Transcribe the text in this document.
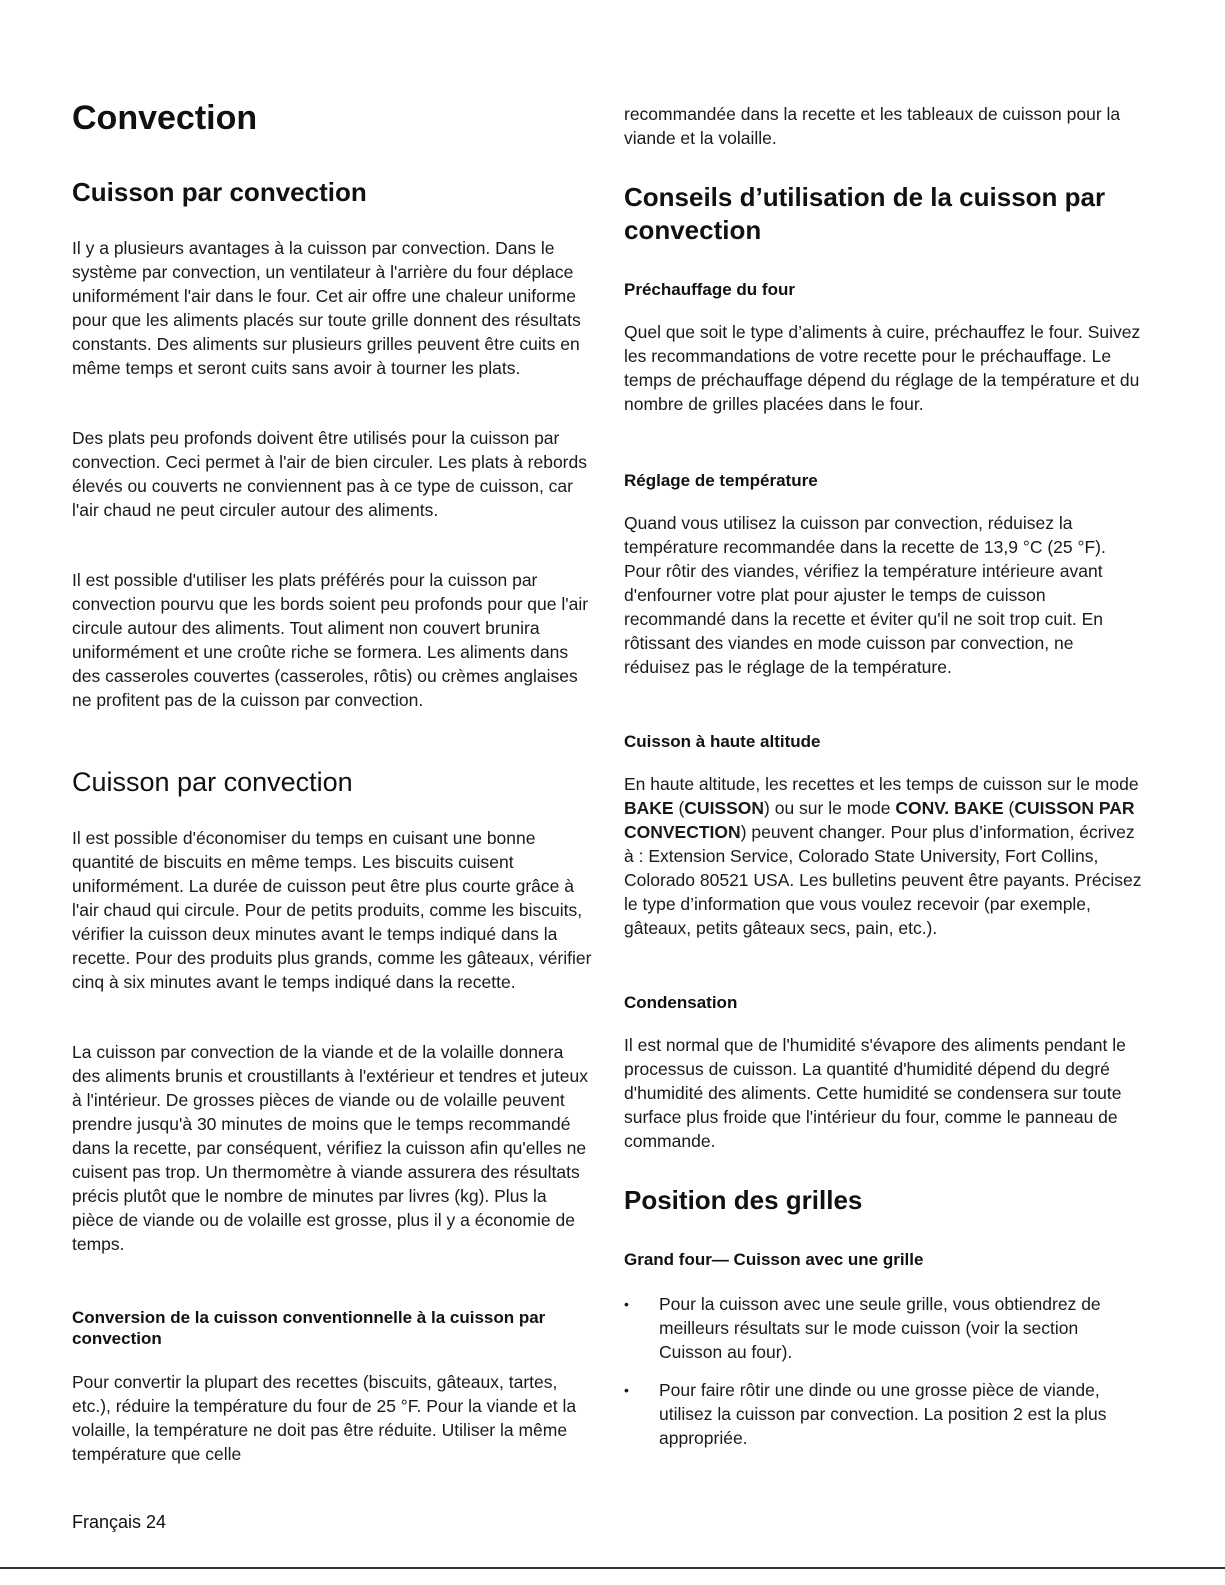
Convection
Cuisson par convection

Il y a plusieurs avantages à la cuisson par convection. Dans le système par convection, un ventilateur à l'arrière du four déplace uniformément l'air dans le four. Cet air offre une chaleur uniforme pour que les aliments placés sur toute grille donnent des résultats constants. Des aliments sur plusieurs grilles peuvent être cuits en même temps et seront cuits sans avoir à tourner les plats.

Des plats peu profonds doivent être utilisés pour la cuisson par convection. Ceci permet à l'air de bien circuler. Les plats à rebords élevés ou couverts ne conviennent pas à ce type de cuisson, car l'air chaud ne peut circuler autour des aliments.

Il est possible d'utiliser les plats préférés pour la cuisson par convection pourvu que les bords soient peu profonds pour que l'air circule autour des aliments. Tout aliment non couvert brunira uniformément et une croûte riche se formera. Les aliments dans des casseroles couvertes (casseroles, rôtis) ou crèmes anglaises ne profitent pas de la cuisson par convection.

Cuisson par convection

Il est possible d'économiser du temps en cuisant une bonne quantité de biscuits en même temps. Les biscuits cuisent uniformément. La durée de cuisson peut être plus courte grâce à l'air chaud qui circule. Pour de petits produits, comme les biscuits, vérifier la cuisson deux minutes avant le temps indiqué dans la recette. Pour des produits plus grands, comme les gâteaux, vérifier cinq à six minutes avant le temps indiqué dans la recette.

La cuisson par convection de la viande et de la volaille donnera des aliments brunis et croustillants à l'extérieur et tendres et juteux à l'intérieur. De grosses pièces de viande ou de volaille peuvent prendre jusqu'à 30 minutes de moins que le temps recommandé dans la recette, par conséquent, vérifiez la cuisson afin qu'elles ne cuisent pas trop. Un thermomètre à viande assurera des résultats précis plutôt que le nombre de minutes par livres (kg). Plus la pièce de viande ou de volaille est grosse, plus il y a économie de temps.

Conversion de la cuisson conventionnelle à la cuisson par convection

Pour convertir la plupart des recettes (biscuits, gâteaux, tartes, etc.), réduire la température du four de 25 °F. Pour la viande et la volaille, la température ne doit pas être réduite. Utiliser la même température que celle

recommandée dans la recette et les tableaux de cuisson pour la viande et la volaille.

Conseils d’utilisation de la cuisson par convection
Préchauffage du four

Quel que soit le type d’aliments à cuire, préchauffez le four. Suivez les recommandations de votre recette pour le préchauffage. Le temps de préchauffage dépend du réglage de la température et du nombre de grilles placées dans le four.

Réglage de température

Quand vous utilisez la cuisson par convection, réduisez la température recommandée dans la recette de 13,9 °C (25 °F). Pour rôtir des viandes, vérifiez la température intérieure avant d'enfourner votre plat pour ajuster le temps de cuisson recommandé dans la recette et éviter qu'il ne soit trop cuit. En rôtissant des viandes en mode cuisson par convection, ne réduisez pas le réglage de la température.

Cuisson à haute altitude

En haute altitude, les recettes et les temps de cuisson sur le mode BAKE (CUISSON) ou sur le mode CONV. BAKE (CUISSON PAR CONVECTION) peuvent changer. Pour plus d’information, écrivez à : Extension Service, Colorado State University, Fort Collins, Colorado 80521 USA. Les bulletins peuvent être payants. Précisez le type d’information que vous voulez recevoir (par exemple, gâteaux, petits gâteaux secs, pain, etc.).

Condensation

Il est normal que de l'humidité s'évapore des aliments pendant le processus de cuisson. La quantité d'humidité dépend du degré d'humidité des aliments. Cette humidité se condensera sur toute surface plus froide que l'intérieur du four, comme le panneau de commande.

Position des grilles
Grand four— Cuisson avec une grille
• Pour la cuisson avec une seule grille, vous obtiendrez de meilleurs résultats sur le mode cuisson (voir la section Cuisson au four).
• Pour faire rôtir une dinde ou une grosse pièce de viande, utilisez la cuisson par convection. La position 2 est la plus appropriée.
Français 24
